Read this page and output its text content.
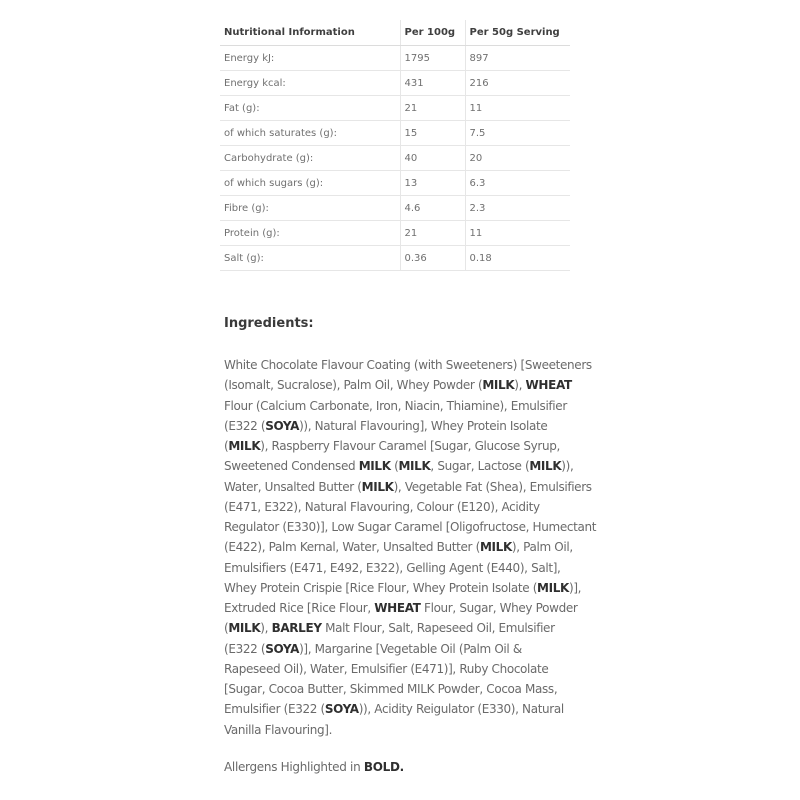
Nutritional Information	Per 100g	Per 50g Serving
Energy kJ:	1795	897
Energy kcal:	431	216
Fat (g):	21	11
of which saturates (g):	15	7.5
Carbohydrate (g):	40	20
of which sugars (g):	13	6.3
Fibre (g):	4.6	2.3
Protein (g):	21	11
Salt (g):	0.36	0.18
Ingredients:

White Chocolate Flavour Coating (with Sweeteners) [Sweeteners
(Isomalt, Sucralose), Palm Oil, Whey Powder (MILK), WHEAT
Flour (Calcium Carbonate, Iron, Niacin, Thiamine), Emulsifier
(E322 (SOYA)), Natural Flavouring], Whey Protein Isolate
(MILK), Raspberry Flavour Caramel [Sugar, Glucose Syrup,
Sweetened Condensed MILK (MILK, Sugar, Lactose (MILK)),
Water, Unsalted Butter (MILK), Vegetable Fat (Shea), Emulsifiers
(E471, E322), Natural Flavouring, Colour (E120), Acidity
Regulator (E330)], Low Sugar Caramel [Oligofructose, Humectant
(E422), Palm Kernal, Water, Unsalted Butter (MILK), Palm Oil,
Emulsifiers (E471, E492, E322), Gelling Agent (E440), Salt],
Whey Protein Crispie [Rice Flour, Whey Protein Isolate (MILK)],
Extruded Rice [Rice Flour, WHEAT Flour, Sugar, Whey Powder
(MILK), BARLEY Malt Flour, Salt, Rapeseed Oil, Emulsifier
(E322 (SOYA)], Margarine [Vegetable Oil (Palm Oil &
Rapeseed Oil), Water, Emulsifier (E471)], Ruby Chocolate
[Sugar, Cocoa Butter, Skimmed MILK Powder, Cocoa Mass,
Emulsifier (E322 (SOYA)), Acidity Reigulator (E330), Natural
Vanilla Flavouring].

Allergens Highlighted in BOLD.
